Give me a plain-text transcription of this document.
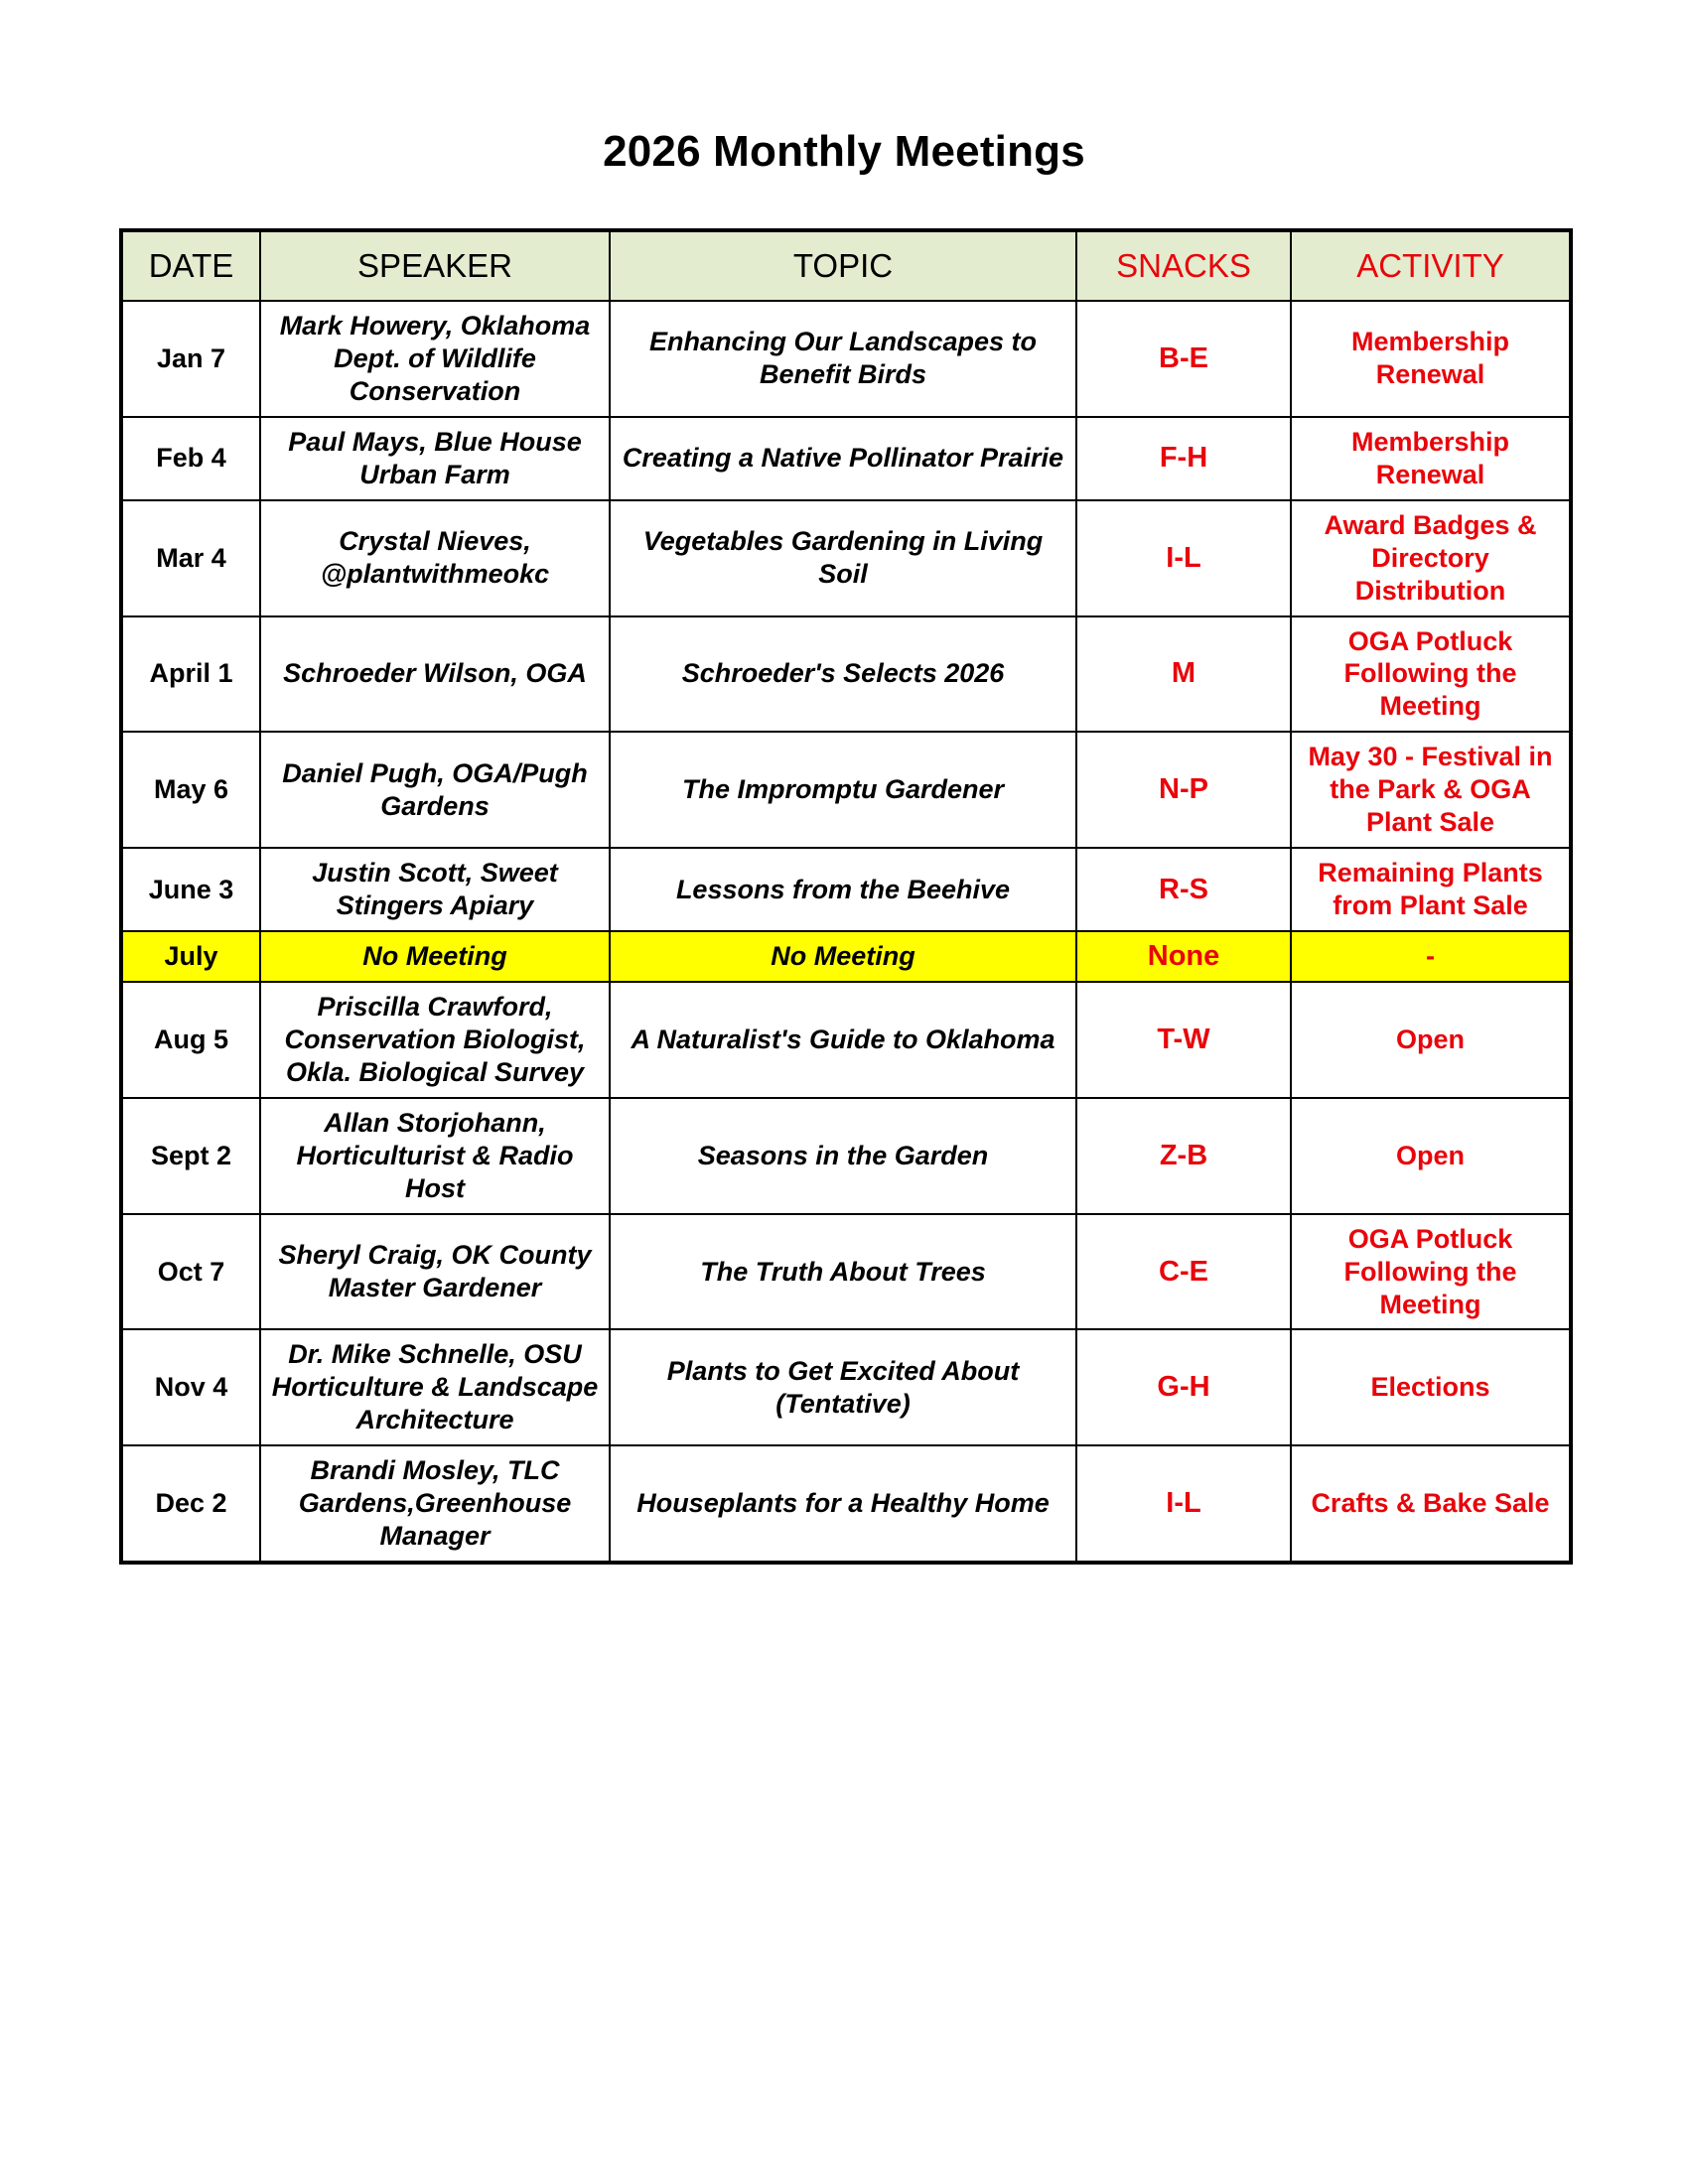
2026 Monthly Meetings
DATE	SPEAKER	TOPIC	SNACKS	ACTIVITY
Jan 7	Mark Howery, Oklahoma Dept. of Wildlife Conservation	Enhancing Our Landscapes to Benefit Birds	B-E	Membership Renewal
Feb 4	Paul Mays, Blue House Urban Farm	Creating a Native Pollinator Prairie	F-H	Membership Renewal
Mar 4	Crystal Nieves, @plantwithmeokc	Vegetables Gardening in Living Soil	I-L	Award Badges & Directory Distribution
April 1	Schroeder Wilson, OGA	Schroeder's Selects 2026	M	OGA Potluck Following the Meeting
May 6	Daniel Pugh, OGA/Pugh Gardens	The Impromptu Gardener	N-P	May 30 - Festival in the Park & OGA Plant Sale
June 3	Justin Scott, Sweet Stingers Apiary	Lessons from the Beehive	R-S	Remaining Plants from Plant Sale
July	No Meeting	No Meeting	None	-
Aug 5	Priscilla Crawford, Conservation Biologist, Okla. Biological Survey	A Naturalist's Guide to Oklahoma	T-W	Open
Sept 2	Allan Storjohann, Horticulturist & Radio Host	Seasons in the Garden	Z-B	Open
Oct 7	Sheryl Craig, OK County Master Gardener	The Truth About Trees	C-E	OGA Potluck Following the Meeting
Nov 4	Dr. Mike Schnelle, OSU Horticulture & Landscape Architecture	Plants to Get Excited About (Tentative)	G-H	Elections
Dec 2	Brandi Mosley, TLC Gardens,Greenhouse Manager	Houseplants for a Healthy Home	I-L	Crafts & Bake Sale
